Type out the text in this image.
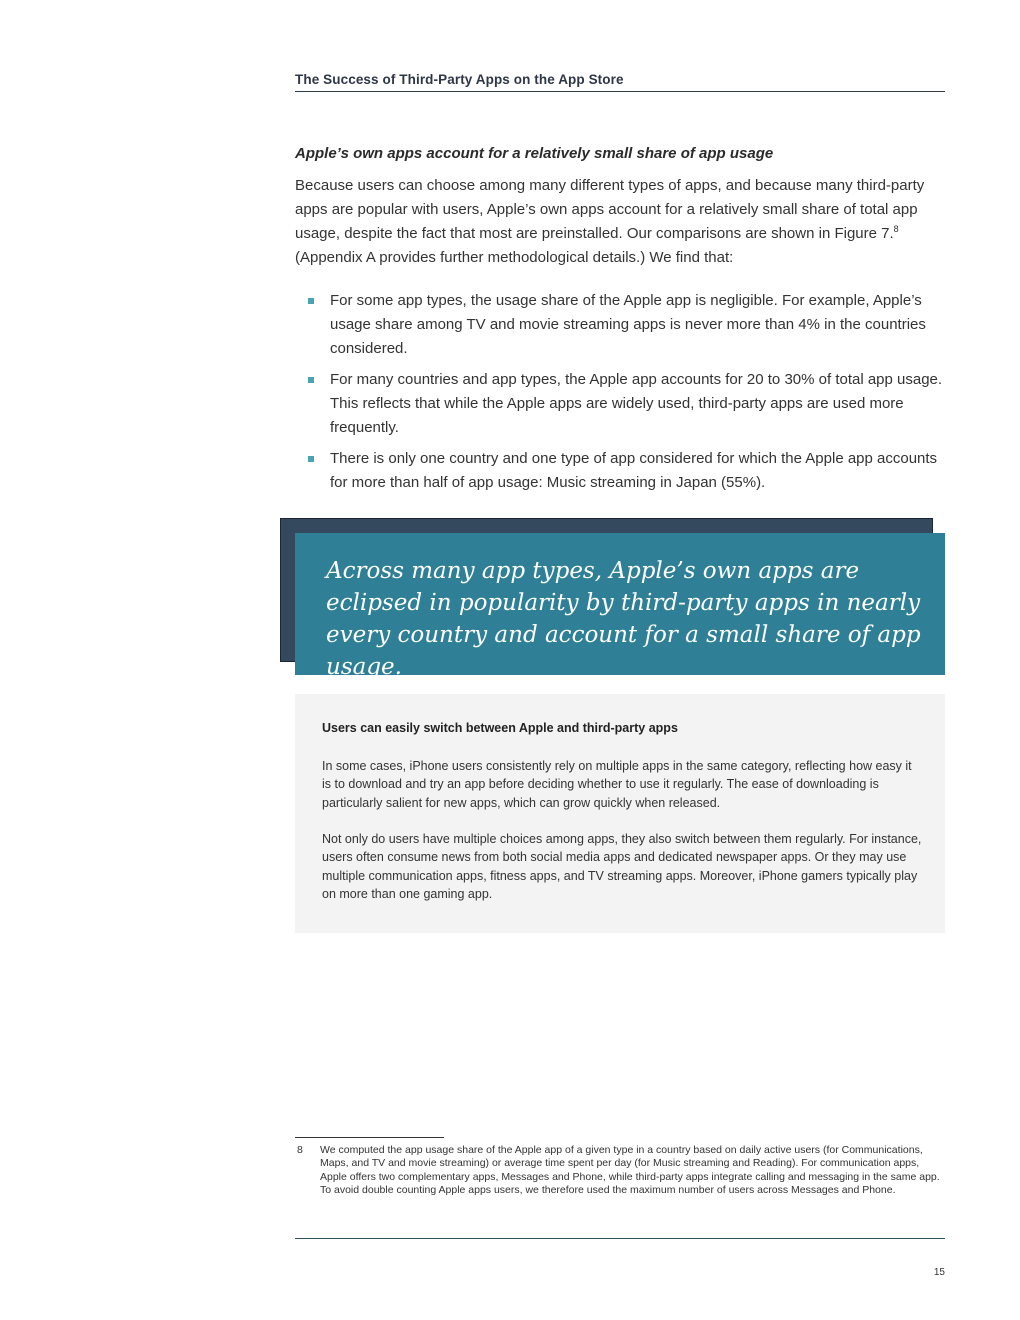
The Success of Third-Party Apps on the App Store
Apple’s own apps account for a relatively small share of app usage

Because users can choose among many different types of apps, and because many third-party apps are popular with users, Apple’s own apps account for a relatively small share of total app usage, despite the fact that most are preinstalled. Our comparisons are shown in Figure 7.$^8$ (Appendix A provides further methodological details.) We find that:

For some app types, the usage share of the Apple app is negligible. For example, Apple’s usage share among TV and movie streaming apps is never more than 4% in the countries considered.
For many countries and app types, the Apple app accounts for 20 to 30% of total app usage. This reflects that while the Apple apps are widely used, third-party apps are used more frequently.
There is only one country and one type of app considered for which the Apple app accounts for more than half of app usage: Music streaming in Japan (55%).

Across many app types, Apple’s own apps are eclipsed in popularity by third-party apps in nearly every country and account for a small share of app usage.

Users can easily switch between Apple and third-party apps

In some cases, iPhone users consistently rely on multiple apps in the same category, reflecting how easy it is to download and try an app before deciding whether to use it regularly. The ease of downloading is particularly salient for new apps, which can grow quickly when released.

Not only do users have multiple choices among apps, they also switch between them regularly. For instance, users often consume news from both social media apps and dedicated newspaper apps. Or they may use multiple communication apps, fitness apps, and TV streaming apps. Moreover, iPhone gamers typically play on more than one gaming app.

8 We computed the app usage share of the Apple app of a given type in a country based on daily active users (for Communications, Maps, and TV and movie streaming) or average time spent per day (for Music streaming and Reading). For communication apps, Apple offers two complementary apps, Messages and Phone, while third-party apps integrate calling and messaging in the same app. To avoid double counting Apple apps users, we therefore used the maximum number of users across Messages and Phone.
15
